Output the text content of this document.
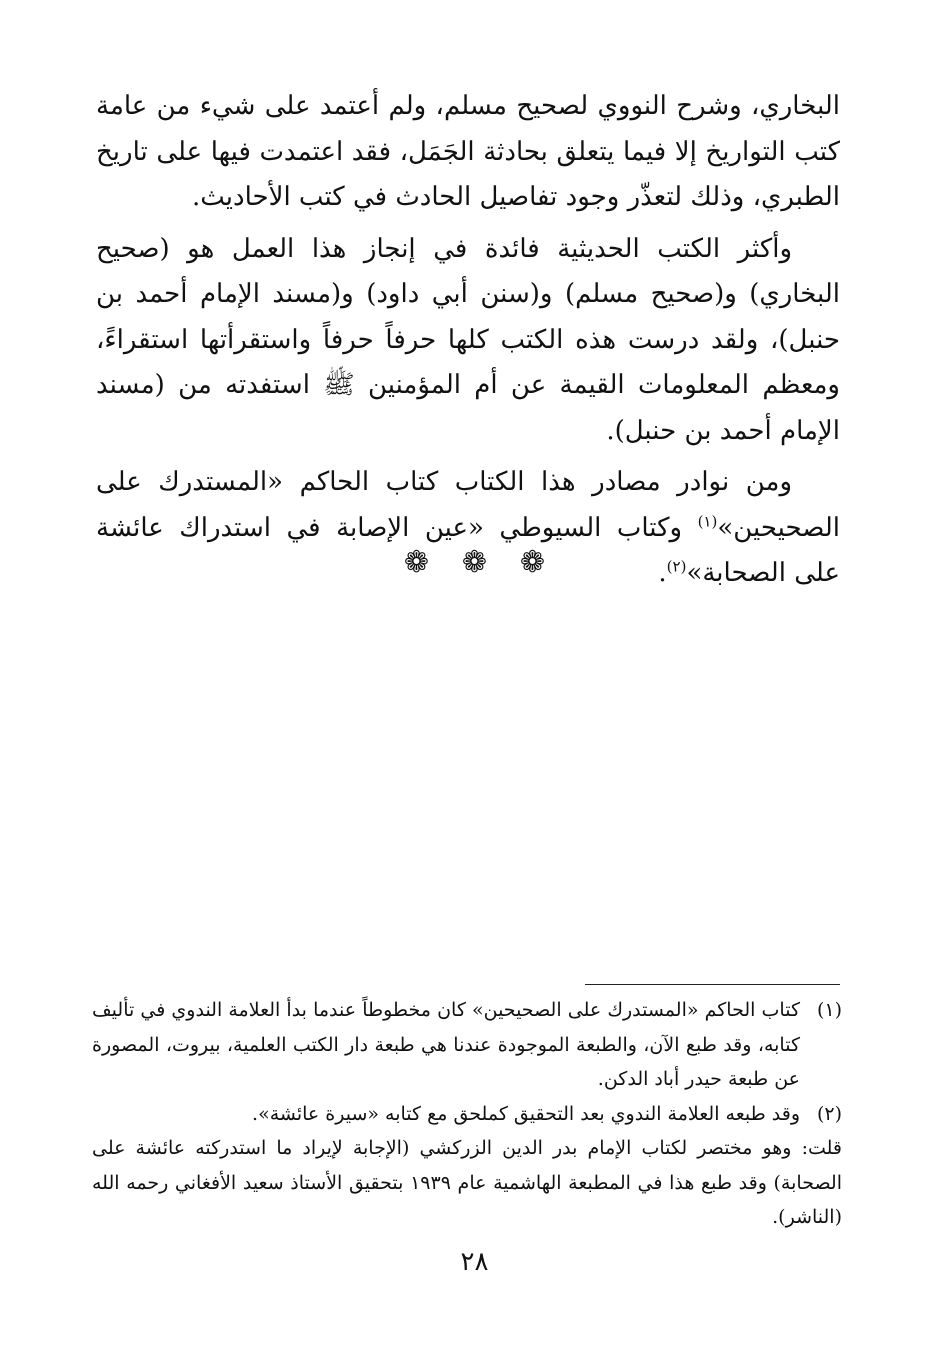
البخاري، وشرح النووي لصحيح مسلم، ولم أعتمد على شيء من عامة كتب التواريخ إلا فيما يتعلق بحادثة الجَمَل، فقد اعتمدت فيها على تاريخ الطبري، وذلك لتعذّر وجود تفاصيل الحادث في كتب الأحاديث.

وأكثر الكتب الحديثية فائدة في إنجاز هذا العمل هو (صحيح البخاري) و(صحيح مسلم) و(سنن أبي داود) و(مسند الإمام أحمد بن حنبل)، ولقد درست هذه الكتب كلها حرفاً حرفاً واستقرأتها استقراءً، ومعظم المعلومات القيمة عن أم المؤمنين ﷺ استفدته من (مسند الإمام أحمد بن حنبل).

ومن نوادر مصادر هذا الكتاب كتاب الحاكم «المستدرك على الصحيحين»$^{(١)}$ وكتاب السيوطي «عين الإصابة في استدراك عائشة على الصحابة»$^{(٢)}$.

❁ ❁ ❁
(١)
كتاب الحاكم «المستدرك على الصحيحين» كان مخطوطاً عندما بدأ العلامة الندوي في تأليف كتابه، وقد طبع الآن، والطبعة الموجودة عندنا هي طبعة دار الكتب العلمية، بيروت، المصورة عن طبعة حيدر أباد الدكن.
(٢)
وقد طبعه العلامة الندوي بعد التحقيق كملحق مع كتابه «سيرة عائشة».

قلت: وهو مختصر لكتاب الإمام بدر الدين الزركشي (الإجابة لإيراد ما استدركته عائشة على الصحابة) وقد طبع هذا في المطبعة الهاشمية عام ١٩٣٩ بتحقيق الأستاذ سعيد الأفغاني رحمه الله (الناشر).

٢٨
